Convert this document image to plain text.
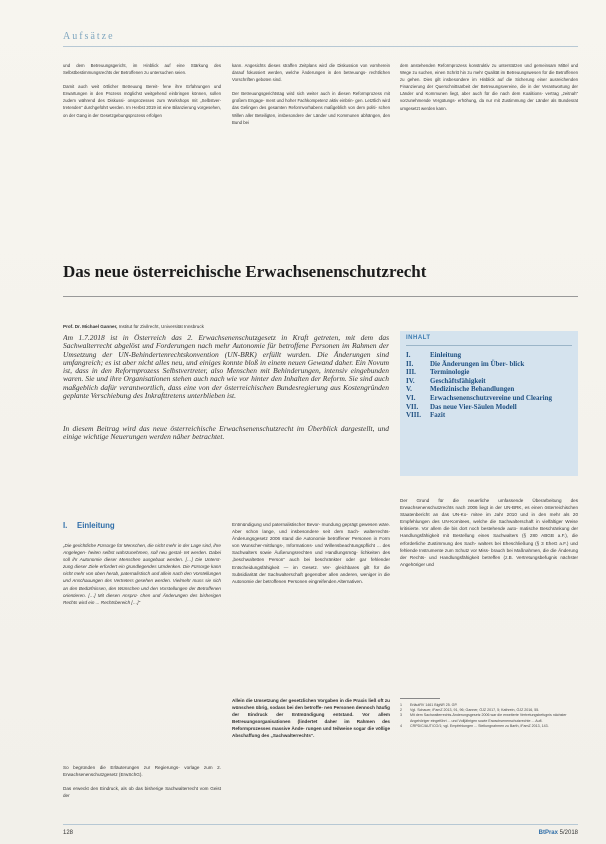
Aufsätze

und dem Betreuungsgericht, im Hinblick auf eine Stärkung des Selbstbestimmungsrechts der Betroffenen zu untersuchen seien.

Damit auch weit örtlicher Betreuung Bereit- fene ihre Erfahrungen und Erwartungen in den Prozess möglichst weitgehend einbringen können, sollen zudem während des Diskussi- onsprozesses zum Workshops mit „Selbstver- tretenden“ durchgeführt werden. Im Herbst 2019 ist eine Bilanzierung vorgesehen, on der Gang in der Gesetzgebungsprozess erfolgen

kann. Angesichts dieses straffen Zeitplans wird die Diskussion von vornherein darauf fokussiert werden, welche Änderungen in den betreuungs- rechtlichen Vorschriften geboten sind.

Der Betreuungsgerichtstag wird sich weiter auch in diesen Reformprozess mit großem Engage- ment und hoher Fachkompetenz aktiv einbrin- gen. Letztlich wird das Gelingen des gesamten Reformvorhabens maßgeblich von dem politi- schen Willen aller Beteiligten, insbesondere der Länder und Kommunen abhängen, den Bund bei

dem anstehenden Reformprozess konstruktiv zu unterstützen und gemeinsam Mittel und Wege zu suchen, einen Schritt hin zu mehr Qualität im Betreuungswesen für die Betroffenen zu gehen. Dies gilt insbesondere im Hinblick auf die Sicherung einer ausreichenden Finanzierung der Querschnittsarbeit der Betreuungsvereine, die in der Verantwortung der Länder und Kommunen liegt, aber auch für die nach dem Koalitions- vertrag „zeitnah“ vorzunehmende Vergütungs- erhöhung, da nur mit Zustimmung der Länder als Bundesrat umgesetzt werden kann.

Das neue österreichische Erwachsenenschutzrecht
Prof. Dr. Michael Ganner, Institut für Zivilrecht, Universität Innsbruck
Am 1.7.2018 ist in Österreich das 2. Erwachsenenschutzgesetz in Kraft getreten, mit dem das Sachwalterrecht abgelöst und Forderungen nach mehr Autonomie für betroffene Personen im Rahmen der Umsetzung der UN-Behindertenrechtskonvention (UN-BRK) erfüllt wurden. Die Änderungen sind umfangreich; es ist aber nicht alles neu, und einiges konnte bloß in einem neuen Gewand daher. Ein Novum ist, dass in den Reformprozess Selbstvertreter, also Menschen mit Behinderungen, intensiv eingebunden waren. Sie und ihre Organisationen stehen auch nach wie vor hinter den Inhalten der Reform. Sie sind auch maßgeblich dafür verantwortlich, dass eine von der österreichischen Bundesregierung aus Kostengründen geplante Verschiebung des Inkrafttretens unterblieben ist.
In diesem Beitrag wird das neue österreichische Erwachsenenschutzrecht im Überblick dargestellt, und einige wichtige Neuerungen werden näher betrachtet.
INHALT
I.	Einleitung
II.	Die Änderungen im Über- blick
III.	Terminologie
IV.	Geschäftsfähigkeit
V.	Medizinische Behandlungen
VI.	Erwachsenenschutzvereine und Clearing
VII.	Das neue Vier-Säulen Modell
VIII.	Fazit
I. Einleitung
„Die gerichtliche Fürsorge für Menschen, die nicht mehr in der Lage sind, ihre Angelegen- heiten selbst wahrzunehmen, soll neu gestal- tet werden. Dabei soll ihr Autonomie dieser Menschen ausgebaut werden. […] Die Unterst- zung dieser Ziele erfordert ein grundlegendes Umdenken. Die Fürsorge kann nicht mehr von oben herab, paternalistisch und allein nach den Vorstellungen und Anschauungen des Vertreters gesehen werden. Vielmehr muss sie sich an den Bedürfnissen, den Wünschen und den Vorstellungen der Betroffenen orientieren. […] Mit diesen Ansprü- chen und Änderungen des bisherigen Rechts wird ein ... Rechtsbereich […]“

So begründen die Erläuterungen zur Regierungs- vorlage zum 2. Erwachsenenschutzgesetz (ErwSchG).

Das erweckt den Eindruck, als ob das bisherige Sachwalterrecht vom Geist der

Entmündigung und paternalistischer Bevor- mundung geprägt gewesen wäre. Aber schon lange, und insbesondere seit dem Sach- walterrechts-Änderungsgesetz 2006 stand die Autonomie betroffener Personen in Form von Wunscher-mittlungs-, Informations- und Willensbeachtungspflicht ... des Sachwalters sowie Äußerungsrechten und Handlungsmög- lichkeiten des „beschwaltetten Person“ auch bei beschränkter oder gar fehlender Entscheidungsfähigkeit — im Gesetz. Ver- gleichbares gilt für die Subsidiarität der Sachwalterschaft gegenüber allen anderen, weniger in die Autonomie der betroffenen Personen eingreifenden Alternativen.

Allein die Umsetzung der gesetzlichen Vorgaben in die Praxis ließ oft zu wünschen übrig, sodass bei den betroffe- nen Personen dennoch häufig der Eindruck der Entmündigung entstand. Vor allem Betreuungsorganisationen (lindertet daher im Rahmen des Reformprozesses massive Ände- rungen und teilweise sogar die völlige Abschaffung des „Sachwalterrechts“.

Der Grund für die neuerliche umfassende Überarbeitung des Erwachsenenschutzrechts nach 2006 liegt in der UN-BRK, es einen österreichischen Staatenbericht an das UN-Ko- mitee im Jahr 2010 und in den mehr als 20 Empfehlungen des UN-Komitees, welche die Sachwalterschaft in vielfältiger Weise kritisierte. Vor allem die bis dort noch bestehende auto- matische Beschränkung der Handlungsfähigkeit mit Bestellung eines Sachwalters (§ 280 ABGB a.F.), die erforderliche Zustimmung des Sach- walters bei Eheschließung (§ 3 EheG a.F.) und fehlende Instrumente zum Schutz vor Miss- brauch bei Maßnahmen, die die Änderung der Rechts- und Handlungsfähigkeit betreffen (z.B. Vertretungsbefugnis nächster Angehöriger und

1	ErläutRV 1461 BlgNR 25. GP.
2	Vgl. Schauer, iFamZ 2013, 91, 96; Ganner, ÖJZ 2017, 5; Kathrein, ÖJZ 2016, 55.
3	Mit dem Sachwalterrechts-Änderungsgesetz 2006 war die erweiterte Vertretungsbefugnis nächster Angehöriger eingeführt ... und Volljährigen sowie Erwachsenenschutzrechte ... Aufl.
4	CRPD/C/AUT/CO/1; vgl. Empfehlungen ... Stellungnahmen zu Barth, iFamZ 2013, 143.
128	BtPrax 5/2018
